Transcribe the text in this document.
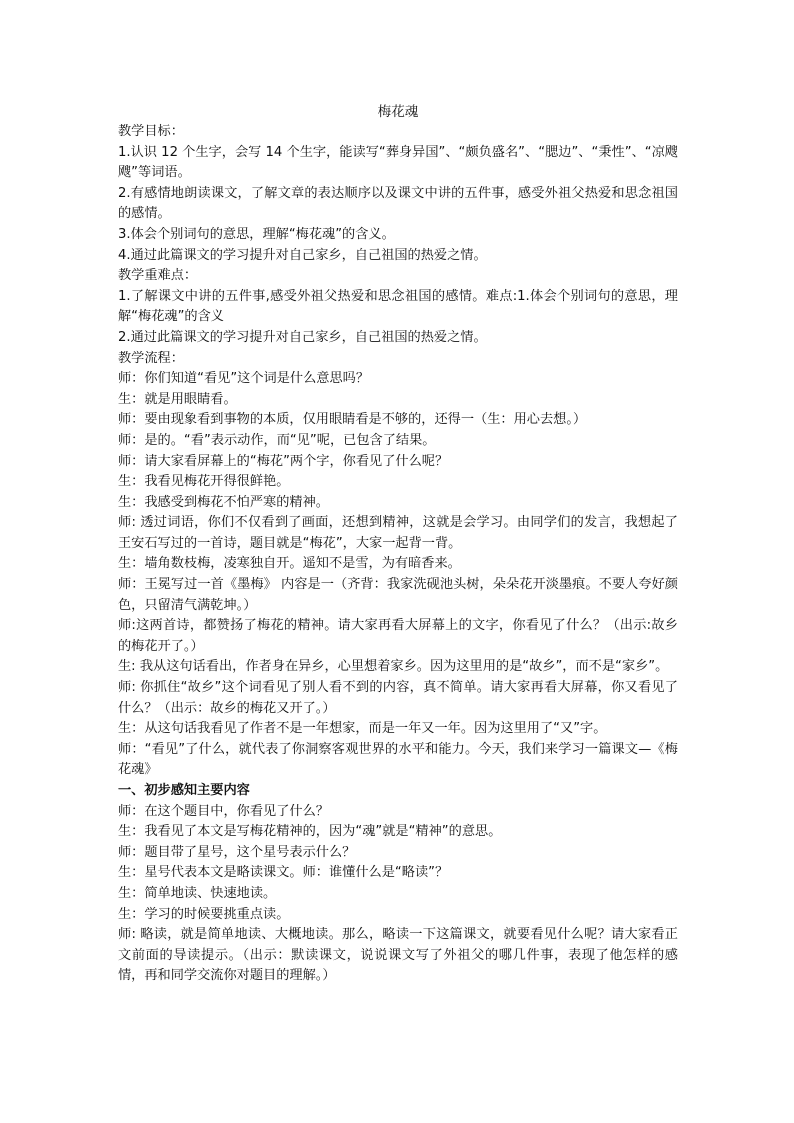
梅花魂

教学目标：

1.认识 12 个生字，会写 14 个生字，能读写“葬身异国”、“颇负盛名”、“腮边”、“秉性”、“凉飕飕”等词语。

2.有感情地朗读课文，了解文章的表达顺序以及课文中讲的五件事，感受外祖父热爱和思念祖国的感情。

3.体会个别词句的意思，理解“梅花魂”的含义。

4.通过此篇课文的学习提升对自己家乡，自己祖国的热爱之情。

教学重难点：

1.了解课文中讲的五件事,感受外祖父热爱和思念祖国的感情。难点:1.体会个别词句的意思，理解“梅花魂”的含义

2.通过此篇课文的学习提升对自己家乡，自己祖国的热爱之情。

教学流程：

师：你们知道“看见”这个词是什么意思吗？

生：就是用眼睛看。

师：要由现象看到事物的本质，仅用眼睛看是不够的，还得一（生：用心去想。）

师：是的。“看”表示动作，而“见”呢，已包含了结果。

师：请大家看屏幕上的“梅花”两个字，你看见了什么呢？

生：我看见梅花开得很鲜艳。

生：我感受到梅花不怕严寒的精神。

师: 透过词语，你们不仅看到了画面，还想到精神，这就是会学习。由同学们的发言，我想起了王安石写过的一首诗，题目就是“梅花”，大家一起背一背。

生：墙角数枝梅，凌寒独自开。遥知不是雪，为有暗香来。

师：王冕写过一首《墨梅》 内容是一（齐背：我家洗砚池头树，朵朵花开淡墨痕。不要人夸好颜色，只留清气满乾坤。）

师:这两首诗，都赞扬了梅花的精神。请大家再看大屏幕上的文字，你看见了什么？（出示:故乡的梅花开了。）

生: 我从这句话看出，作者身在异乡，心里想着家乡。因为这里用的是“故乡”，而不是“家乡”。

师: 你抓住“故乡”这个词看见了别人看不到的内容，真不简单。请大家再看大屏幕，你又看见了什么？（出示：故乡的梅花又开了。）

生：从这句话我看见了作者不是一年想家，而是一年又一年。因为这里用了“又”字。

师：“看见”了什么，就代表了你洞察客观世界的水平和能力。今天，我们来学习一篇课文—《梅花魂》

一、初步感知主要内容

师：在这个题目中，你看见了什么？

生：我看见了本文是写梅花精神的，因为“魂”就是“精神”的意思。

师：题目带了星号，这个星号表示什么？

生：星号代表本文是略读课文。师：谁懂什么是“略读”？

生：简单地读、快速地读。

生：学习的时候要挑重点读。

师: 略读，就是简单地读、大概地读。那么，略读一下这篇课文，就要看见什么呢？请大家看正文前面的导读提示。（出示：默读课文，说说课文写了外祖父的哪几件事，表现了他怎样的感情，再和同学交流你对题目的理解。）
